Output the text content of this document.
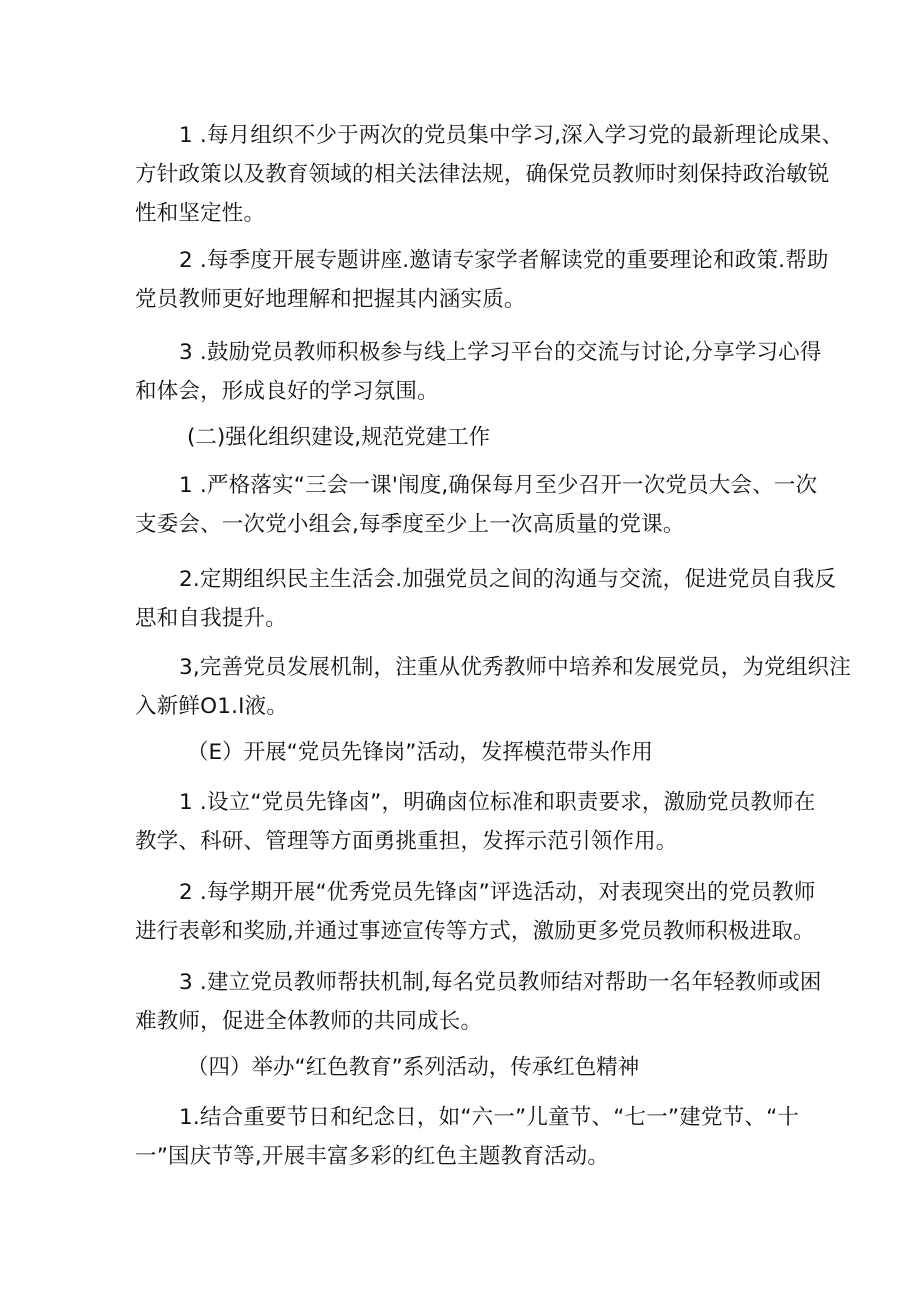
1 .每月组织不少于两次的党员集中学习,深入学习党的最新理论成果、
方针政策以及教育领域的相关法律法规，确保党员教师时刻保持政治敏锐
性和坚定性。
2 .每季度开展专题讲座.邀请专家学者解读党的重要理论和政策.帮助
党员教师更好地理解和把握其内涵实质。
3 .鼓励党员教师积极参与线上学习平台的交流与讨论,分享学习心得
和体会，形成良好的学习氛围。
(二)强化组织建设,规范党建工作
1 .严格落实“三会一课'闱度,确保每月至少召开一次党员大会、一次
支委会、一次党小组会,每季度至少上一次高质量的党课。
2.定期组织民主生活会.加强党员之间的沟通与交流，促进党员自我反
思和自我提升。
3,完善党员发展机制，注重从优秀教师中培养和发展党员，为党组织注
入新鲜O1.I液。
（E）开展“党员先锋岗”活动，发挥模范带头作用
1 .设立“党员先锋卤”，明确卤位标准和职责要求，激励党员教师在
教学、科研、管理等方面勇挑重担，发挥示范引领作用。
2 .每学期开展“优秀党员先锋卤”评选活动，对表现突出的党员教师
进行表彰和奖励,并通过事迹宣传等方式，激励更多党员教师积极进取。
3 .建立党员教师帮扶机制,每名党员教师结对帮助一名年轻教师或困
难教师，促进全体教师的共同成长。
（四）举办“红色教育”系列活动，传承红色精神
1.结合重要节日和纪念日，如“六一”儿童节、“七一”建党节、“十
一”国庆节等,开展丰富多彩的红色主题教育活动。
